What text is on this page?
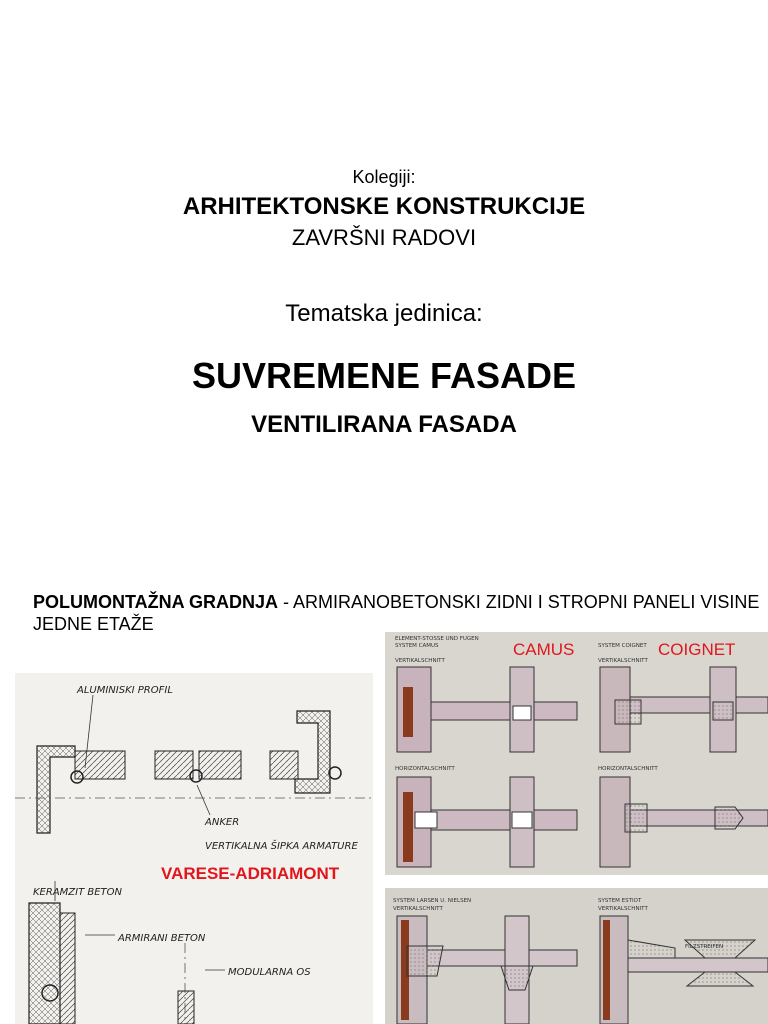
Kolegiji:
ARHITEKTONSKE KONSTRUKCIJE
ZAVRŠNI RADOVI
Tematska jedinica:
SUVREMENE FASADE
VENTILIRANA FASADA
POLUMONTAŽNA GRADNJA - ARMIRANOBETONSKI ZIDNI I STROPNI PANELI VISINE JEDNE ETAŽE
ALUMINISKI PROFIL
ANKER
VERTIKALNA ŠIPKA ARMATURE
KERAMZIT BETON
ARMIRANI BETON
MODULARNA OS
VARESE-ADRIAMONT
ELEMENT-STOSSE UND FUGEN
SYSTEM CAMUS	SYSTEM COIGNET
VERTIKALSCHNITT	VERTIKALSCHNITT
HORIZONTALSCHNITT	HORIZONTALSCHNITT
CAMUS	COIGNET
SYSTEM LARSEN U. NIELSEN	SYSTEM ESTIOT
VERTIKALSCHNITT	VERTIKALSCHNITT
FILZSTREIFEN
